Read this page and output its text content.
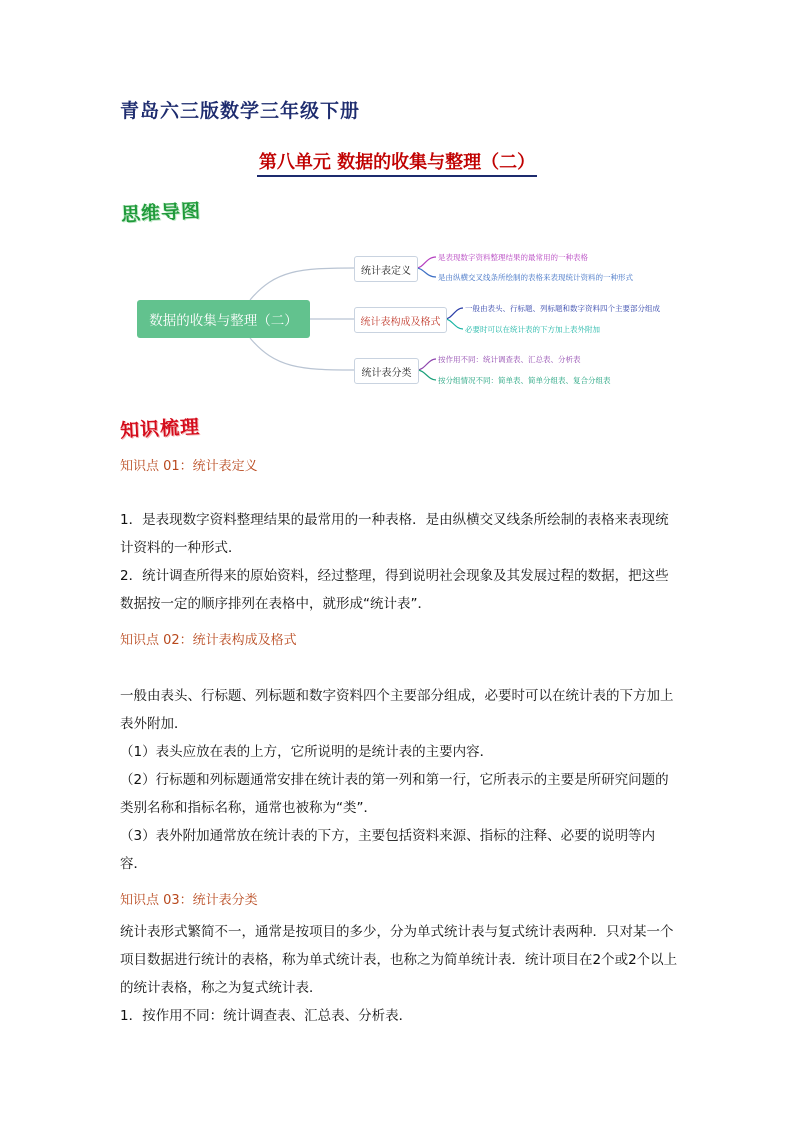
青岛六三版数学三年级下册
第八单元 数据的收集与整理（二）
思维导图
数据的收集与整理（二）
统计表定义
统计表构成及格式
统计表分类
是表现数字资料整理结果的最常用的一种表格
是由纵横交叉线条所绘制的表格来表现统计资料的一种形式
一般由表头、行标题、列标题和数字资料四个主要部分组成
必要时可以在统计表的下方加上表外附加
按作用不同：统计调查表、汇总表、分析表
按分组情况不同：简单表、简单分组表、复合分组表
知识梳理
知识点 01：统计表定义

1．是表现数字资料整理结果的最常用的一种表格．是由纵横交叉线条所绘制的表格来表现统计资料的一种形式．

2．统计调查所得来的原始资料，经过整理，得到说明社会现象及其发展过程的数据，把这些数据按一定的顺序排列在表格中，就形成“统计表”．

知识点 02：统计表构成及格式

一般由表头、行标题、列标题和数字资料四个主要部分组成，必要时可以在统计表的下方加上表外附加．

（1）表头应放在表的上方，它所说明的是统计表的主要内容．

（2）行标题和列标题通常安排在统计表的第一列和第一行，它所表示的主要是所研究问题的类别名称和指标名称，通常也被称为“类”．

（3）表外附加通常放在统计表的下方，主要包括资料来源、指标的注释、必要的说明等内容．

知识点 03：统计表分类

统计表形式繁简不一，通常是按项目的多少，分为单式统计表与复式统计表两种．只对某一个项目数据进行统计的表格，称为单式统计表，也称之为简单统计表．统计项目在2个或2个以上的统计表格，称之为复式统计表．

1．按作用不同：统计调查表、汇总表、分析表．
